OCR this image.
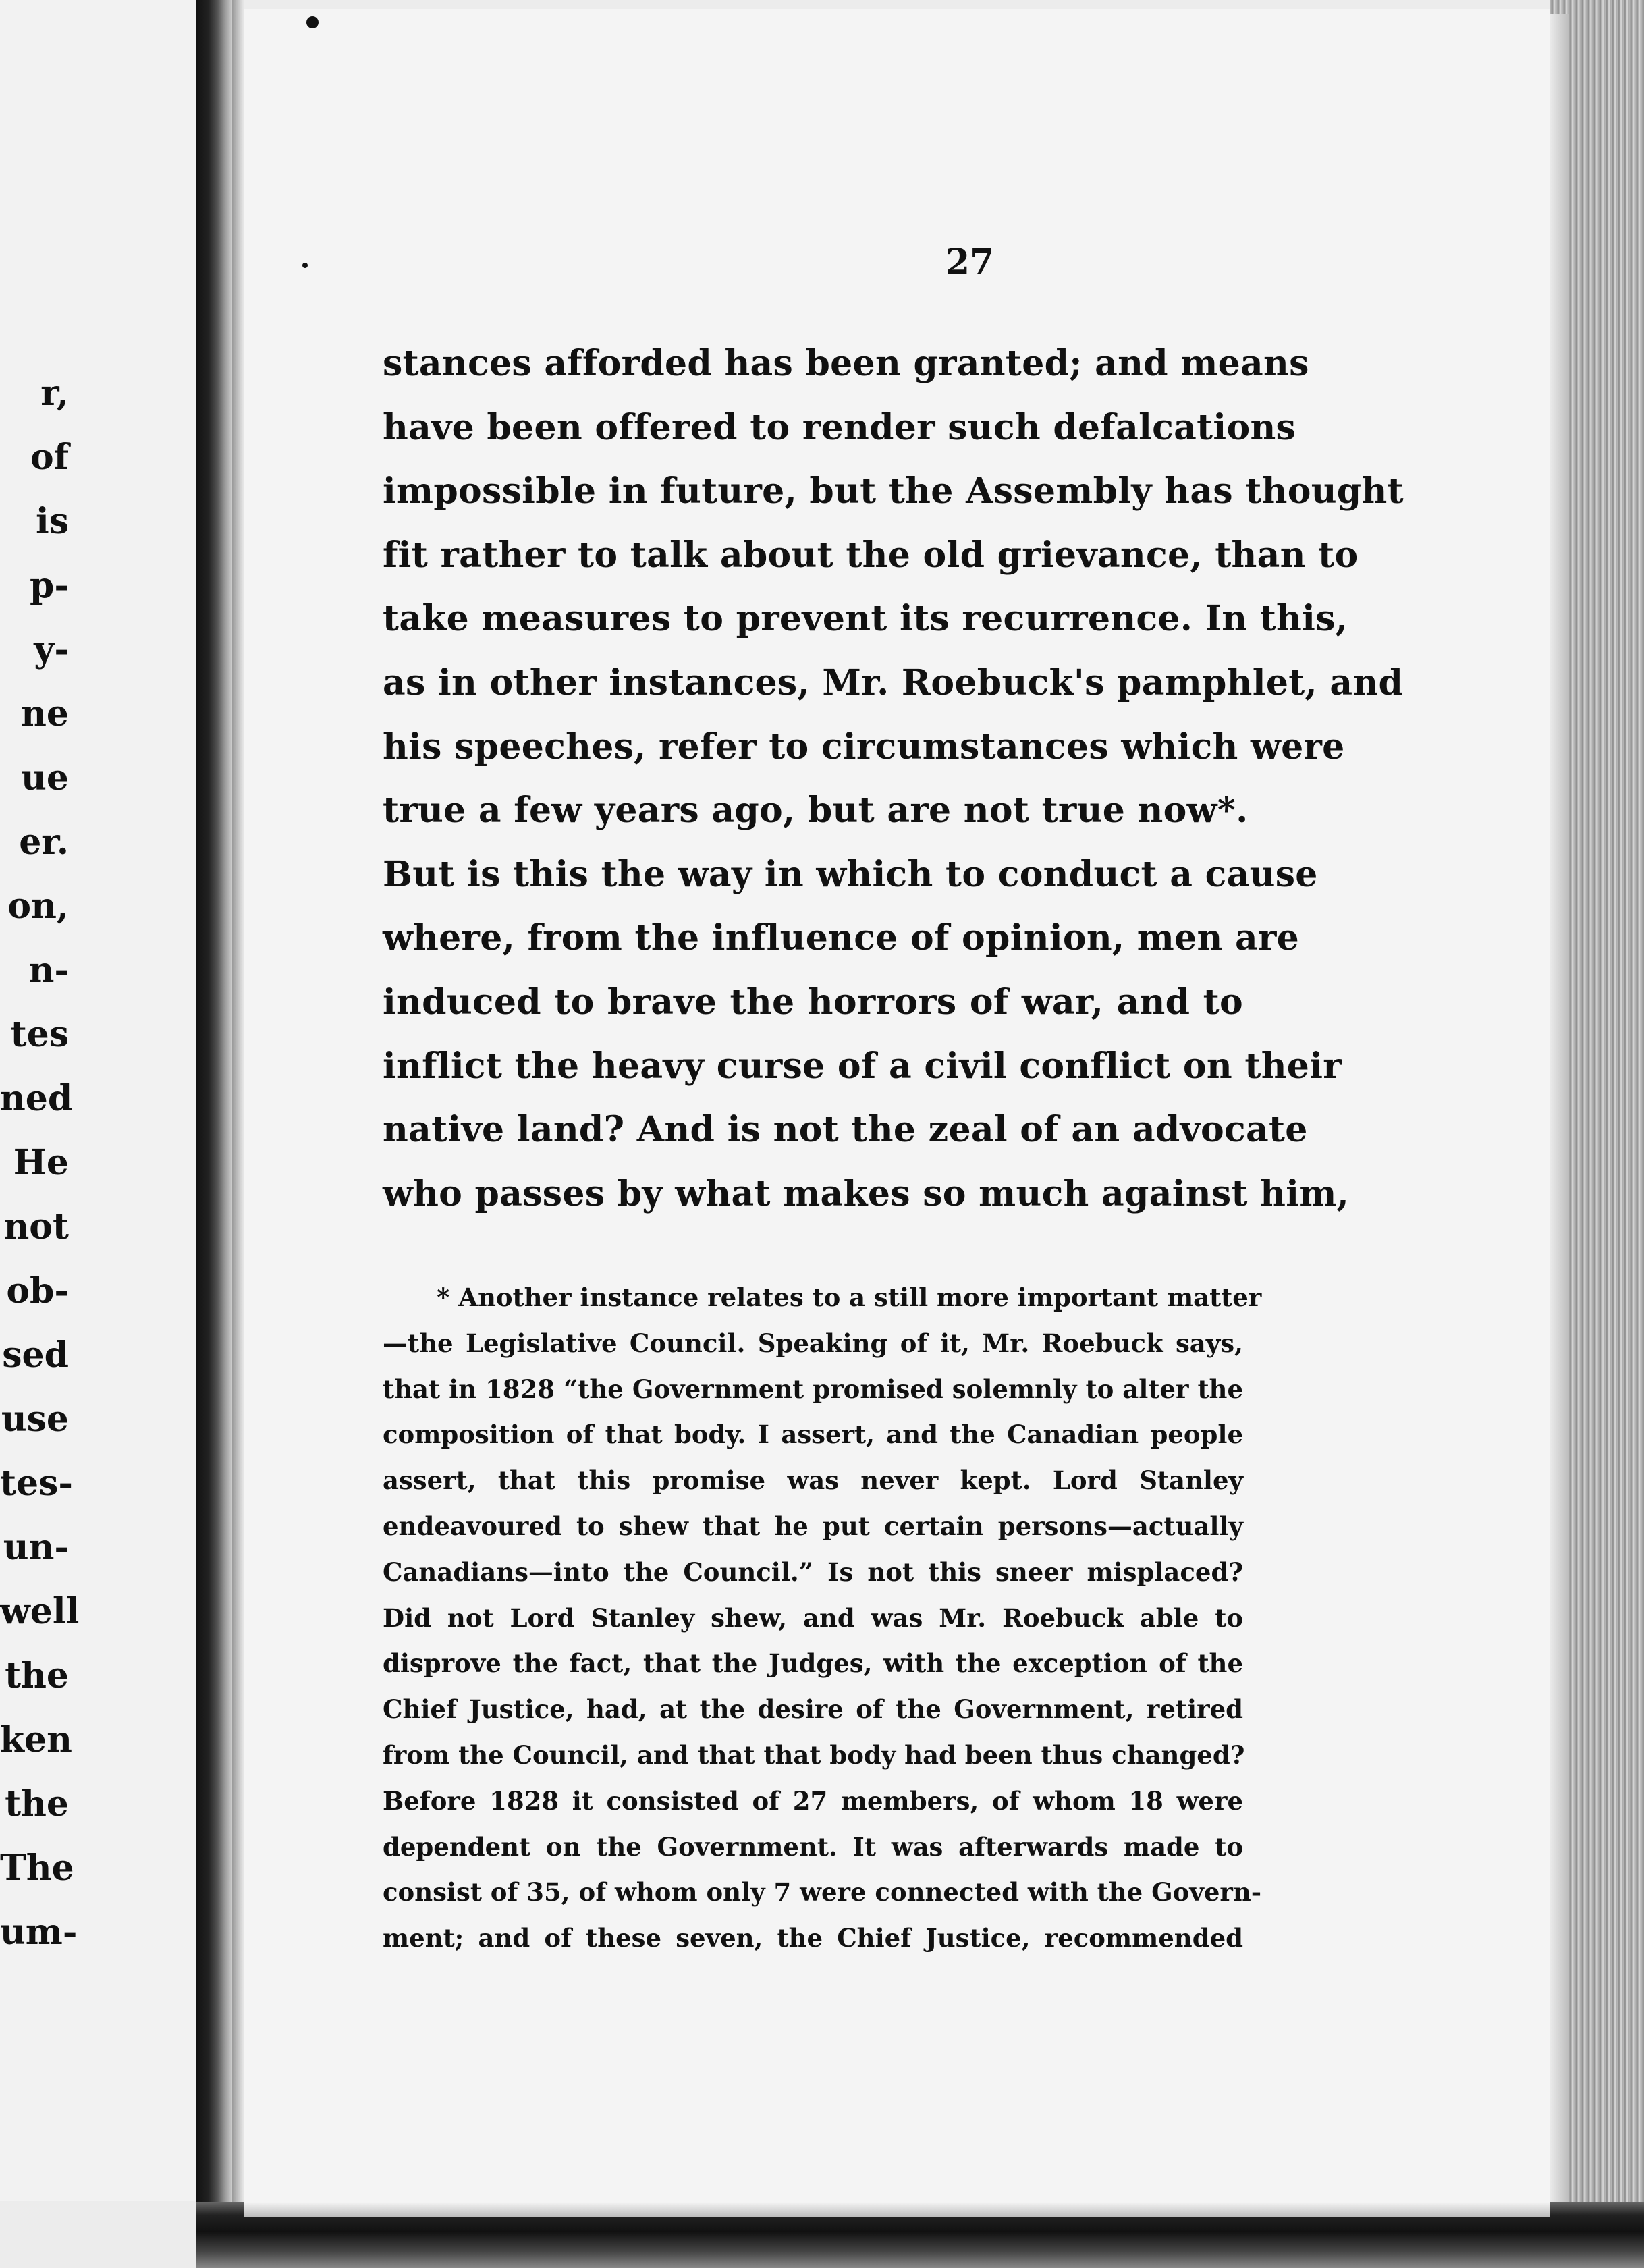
r,
of
is
p-
y-
ne
ue
er.
on,
n-
tes
ned
He
not
ob-
sed
use
tes-
un-
well
the
ken
the
The
um-

27

stances afforded has been granted; and means
have been offered to render such defalcations
impossible in future, but the Assembly has thought
fit rather to talk about the old grievance, than to
take measures to prevent its recurrence. In this,
as in other instances, Mr. Roebuck's pamphlet, and
his speeches, refer to circumstances which were
true a few years ago, but are not true now*.
But is this the way in which to conduct a cause
where, from the influence of opinion, men are
induced to brave the horrors of war, and to
inflict the heavy curse of a civil conflict on their
native land? And is not the zeal of an advocate
who passes by what makes so much against him,
* Another instance relates to a still more important matter
—the Legislative Council. Speaking of it, Mr. Roebuck says,
that in 1828 “the Government promised solemnly to alter the
composition of that body. I assert, and the Canadian people
assert, that this promise was never kept. Lord Stanley
endeavoured to shew that he put certain persons—actually
Canadians—into the Council.” Is not this sneer misplaced?
Did not Lord Stanley shew, and was Mr. Roebuck able to
disprove the fact, that the Judges, with the exception of the
Chief Justice, had, at the desire of the Government, retired
from the Council, and that that body had been thus changed?
Before 1828 it consisted of 27 members, of whom 18 were
dependent on the Government. It was afterwards made to
consist of 35, of whom only 7 were connected with the Govern-
ment; and of these seven, the Chief Justice, recommended
